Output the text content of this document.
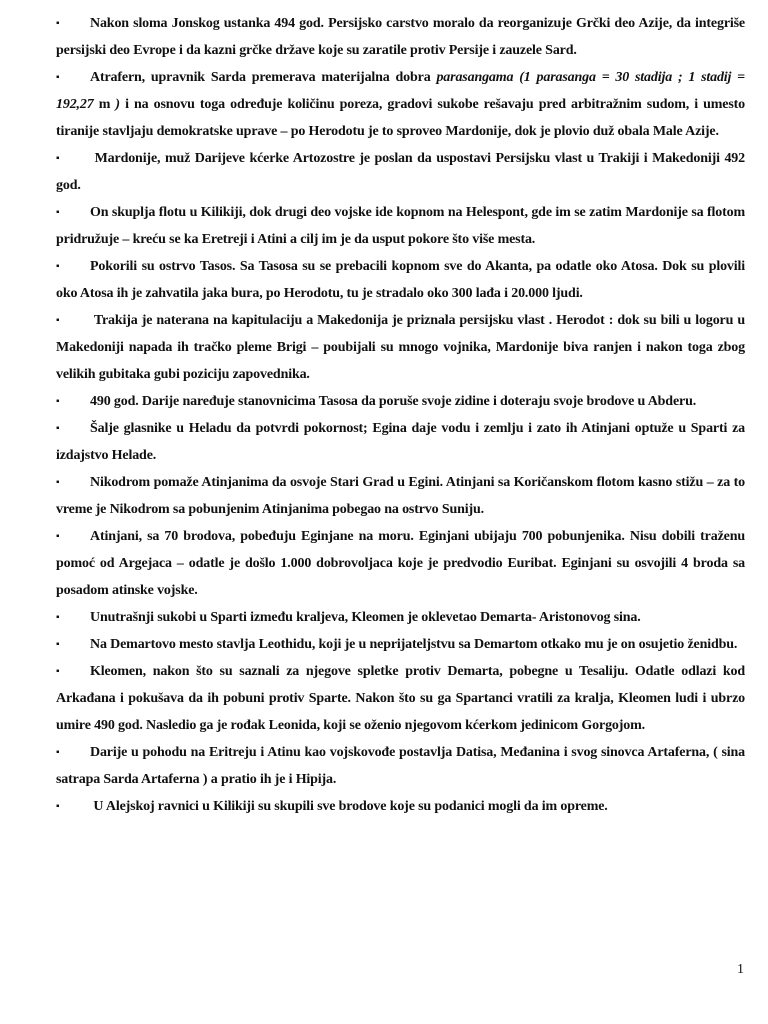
▪ Nakon sloma Jonskog ustanka 494 god. Persijsko carstvo moralo da reorganizuje Grčki deo Azije, da integriše persijski deo Evrope i da kazni grčke države koje su zaratile protiv Persije i zauzele Sard.

▪ Atrafern, upravnik Sarda premerava materijalna dobra parasangama (1 parasanga = 30 stadija ; 1 stadij = 192,27 m ) i na osnovu toga određuje količinu poreza, gradovi sukobe rešavaju pred arbitražnim sudom, i umesto tiranije stavljaju demokratske uprave – po Herodotu je to sproveo Mardonije, dok je plovio duž obala Male Azije.

▪ Mardonije, muž Darijeve kćerke Artozostre je poslan da uspostavi Persijsku vlast u Trakiji i Makedoniji 492 god.

▪ On skuplja flotu u Kilikiji, dok drugi deo vojske ide kopnom na Helespont, gde im se zatim Mardonije sa flotom pridružuje – kreću se ka Eretreji i Atini a cilj im je da usput pokore što više mesta.

▪ Pokorili su ostrvo Tasos. Sa Tasosa su se prebacili kopnom sve do Akanta, pa odatle oko Atosa. Dok su plovili oko Atosa ih je zahvatila jaka bura, po Herodotu, tu je stradalo oko 300 lađa i 20.000 ljudi.

▪ Trakija je naterana na kapitulaciju a Makedonija je priznala persijsku vlast . Herodot : dok su bili u logoru u Makedoniji napada ih tračko pleme Brigi – poubijali su mnogo vojnika, Mardonije biva ranjen i nakon toga zbog velikih gubitaka gubi poziciju zapovednika.

▪ 490 god. Darije naređuje stanovnicima Tasosa da poruše svoje zidine i doteraju svoje brodove u Abderu.

▪ Šalje glasnike u Heladu da potvrdi pokornost; Egina daje vodu i zemlju i zato ih Atinjani optuže u Sparti za izdajstvo Helade.

▪ Nikodrom pomaže Atinjanima da osvoje Stari Grad u Egini. Atinjani sa Koričanskom flotom kasno stižu – za to vreme je Nikodrom sa pobunjenim Atinjanima pobegao na ostrvo Suniju.

▪ Atinjani, sa 70 brodova, pobeđuju Eginjane na moru. Eginjani ubijaju 700 pobunjenika. Nisu dobili traženu pomoć od Argejaca – odatle je došlo 1.000 dobrovoljaca koje je predvodio Euribat. Eginjani su osvojili 4 broda sa posadom atinske vojske.

▪ Unutrašnji sukobi u Sparti između kraljeva, Kleomen je oklevetao Demarta- Aristonovog sina.

▪ Na Demartovo mesto stavlja Leothidu, koji je u neprijateljstvu sa Demartom otkako mu je on osujetio ženidbu.

▪ Kleomen, nakon što su saznali za njegove spletke protiv Demarta, pobegne u Tesaliju. Odatle odlazi kod Arkađana i pokušava da ih pobuni protiv Sparte. Nakon što su ga Spartanci vratili za kralja, Kleomen ludi i ubrzo umire 490 god. Nasledio ga je rođak Leonida, koji se oženio njegovom kćerkom jedinicom Gorgojom.

▪ Darije u pohodu na Eritreju i Atinu kao vojskovođe postavlja Datisa, Međanina i svog sinovca Artaferna, ( sina satrapa Sarda Artaferna ) a pratio ih je i Hipija.

▪ U Alejskoj ravnici u Kilikiji su skupili sve brodove koje su podanici mogli da im opreme.

1
